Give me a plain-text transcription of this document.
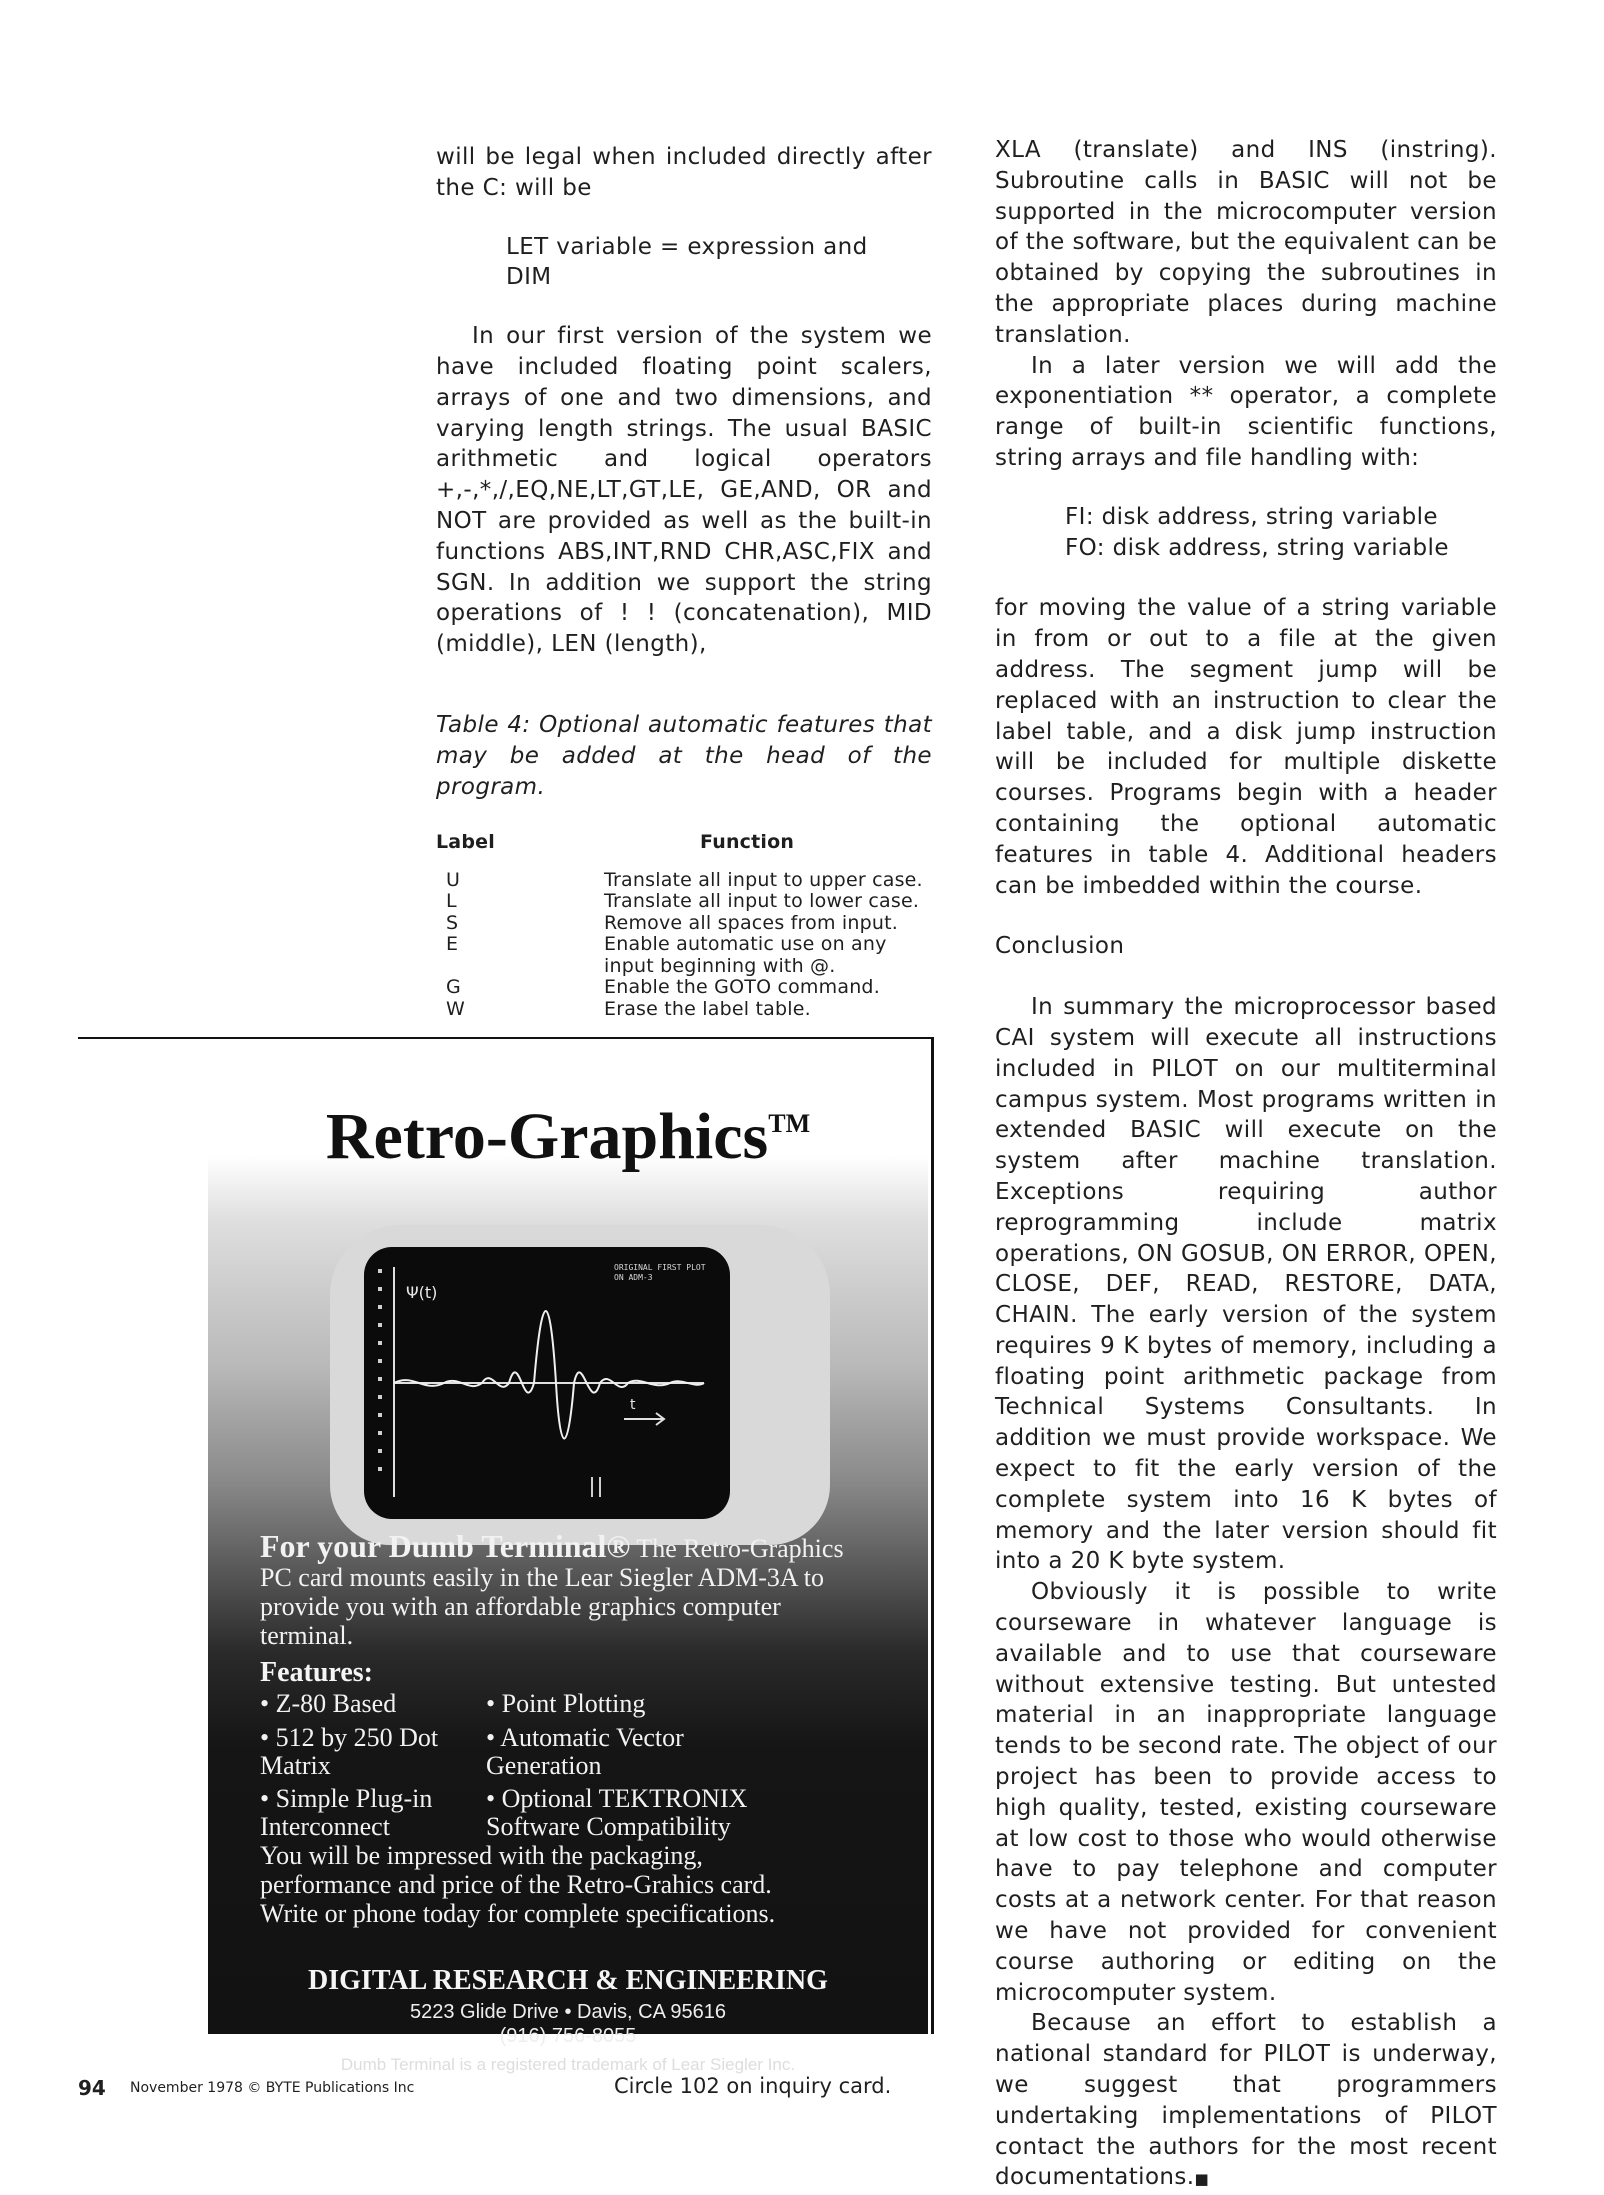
will be legal when included directly after the C: will be

LET variable = expression and

DIM

In our first version of the system we have included floating point scalers, arrays of one and two dimensions, and varying length strings. The usual BASIC arithmetic and logical operators +,-,*,/,EQ,NE,LT,GT,LE, GE,AND, OR and NOT are provided as well as the built-in functions ABS,INT,RND CHR,ASC,FIX and SGN. In addition we support the string operations of ! ! (concatenation), MID (middle), LEN (length),

Table 4: Optional automatic features that may be added at the head of the program.

Label	Function
U	Translate all input to upper case.
L	Translate all input to lower case.
S	Remove all spaces from input.
E	Enable automatic use on any input beginning with @.
G	Enable the GOTO command.
W	Erase the label table.

XLA (translate) and INS (instring). Subroutine calls in BASIC will not be supported in the microcomputer version of the software, but the equivalent can be obtained by copying the subroutines in the appropriate places during machine translation.

In a later version we will add the exponentiation ** operator, a complete range of built-in scientific functions, string arrays and file handling with:

FI: disk address, string variable

FO: disk address, string variable

for moving the value of a string variable in from or out to a file at the given address. The segment jump will be replaced with an instruction to clear the label table, and a disk jump instruction will be included for multiple diskette courses. Programs begin with a header containing the optional automatic features in table 4. Additional headers can be imbedded within the course.

Conclusion

In summary the microprocessor based CAI system will execute all instructions included in PILOT on our multiterminal campus system. Most programs written in extended BASIC will execute on the system after machine translation. Exceptions requiring author reprogramming include matrix operations, ON GOSUB, ON ERROR, OPEN, CLOSE, DEF, READ, RESTORE, DATA, CHAIN. The early version of the system requires 9 K bytes of memory, including a floating point arithmetic package from Technical Systems Consultants. In addition we must provide workspace. We expect to fit the early version of the complete system into 16 K bytes of memory and the later version should fit into a 20 K byte system.

Obviously it is possible to write courseware in whatever language is available and to use that courseware without extensive testing. But untested material in an inappropriate language tends to be second rate. The object of our project has been to provide access to high quality, tested, existing courseware at low cost to those who would otherwise have to pay telephone and computer costs at a network center. For that reason we have not provided for convenient course authoring or editing on the microcomputer system.

Because an effort to establish a national standard for PILOT is underway, we suggest that programmers undertaking implementations of PILOT contact the authors for the most recent documentations.■

Retro-Graphics™
ORIGINAL FIRST PLOT ON ADM-3
Ψ(t)
t
For your Dumb Terminal® The Retro-Graphics PC card mounts easily in the Lear Siegler ADM-3A to provide you with an affordable graphics computer terminal.
Features:
• Z-80 Based
• 512 by 250 Dot Matrix
• Simple Plug-in Interconnect
• Point Plotting
• Automatic Vector Generation
• Optional TEKTRONIX Software Compatibility
You will be impressed with the packaging, performance and price of the Retro-Grahics card. Write or phone today for complete specifications.
DIGITAL RESEARCH & ENGINEERING
5223 Glide Drive • Davis, CA 95616
(916) 756-8055
Dumb Terminal is a registered trademark of Lear Siegler Inc.
94 November 1978 © BYTE Publications Inc	Circle 102 on inquiry card.
